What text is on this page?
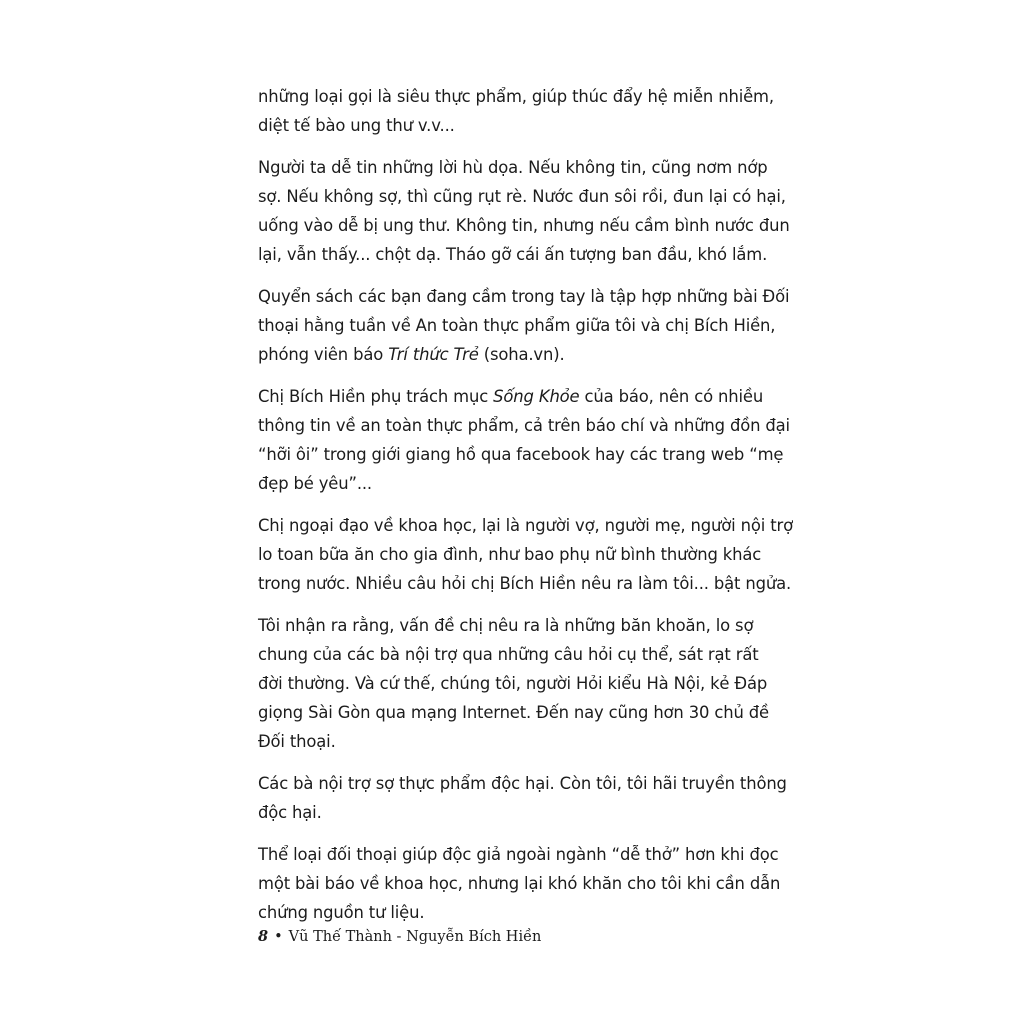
những loại gọi là siêu thực phẩm, giúp thúc đẩy hệ miễn nhiễm,
diệt tế bào ung thư v.v...
Người ta dễ tin những lời hù dọa. Nếu không tin, cũng nơm nớp
sợ. Nếu không sợ, thì cũng rụt rè. Nước đun sôi rồi, đun lại có hại,
uống vào dễ bị ung thư. Không tin, nhưng nếu cầm bình nước đun
lại, vẫn thấy... chột dạ. Tháo gỡ cái ấn tượng ban đầu, khó lắm.
Quyển sách các bạn đang cầm trong tay là tập hợp những bài Đối
thoại hằng tuần về An toàn thực phẩm giữa tôi và chị Bích Hiền,
phóng viên báo Trí thức Trẻ (soha.vn).
Chị Bích Hiền phụ trách mục Sống Khỏe của báo, nên có nhiều
thông tin về an toàn thực phẩm, cả trên báo chí và những đồn đại
“hỡi ôi” trong giới giang hồ qua facebook hay các trang web “mẹ
đẹp bé yêu”...
Chị ngoại đạo về khoa học, lại là người vợ, người mẹ, người nội trợ
lo toan bữa ăn cho gia đình, như bao phụ nữ bình thường khác
trong nước. Nhiều câu hỏi chị Bích Hiền nêu ra làm tôi... bật ngửa.
Tôi nhận ra rằng, vấn đề chị nêu ra là những băn khoăn, lo sợ
chung của các bà nội trợ qua những câu hỏi cụ thể, sát rạt rất
đời thường. Và cứ thế, chúng tôi, người Hỏi kiểu Hà Nội, kẻ Đáp
giọng Sài Gòn qua mạng Internet. Đến nay cũng hơn 30 chủ đề
Đối thoại.
Các bà nội trợ sợ thực phẩm độc hại. Còn tôi, tôi hãi truyền thông
độc hại.
Thể loại đối thoại giúp độc giả ngoài ngành “dễ thở” hơn khi đọc
một bài báo về khoa học, nhưng lại khó khăn cho tôi khi cần dẫn
chứng nguồn tư liệu.
8 • Vũ Thế Thành - Nguyễn Bích Hiền
